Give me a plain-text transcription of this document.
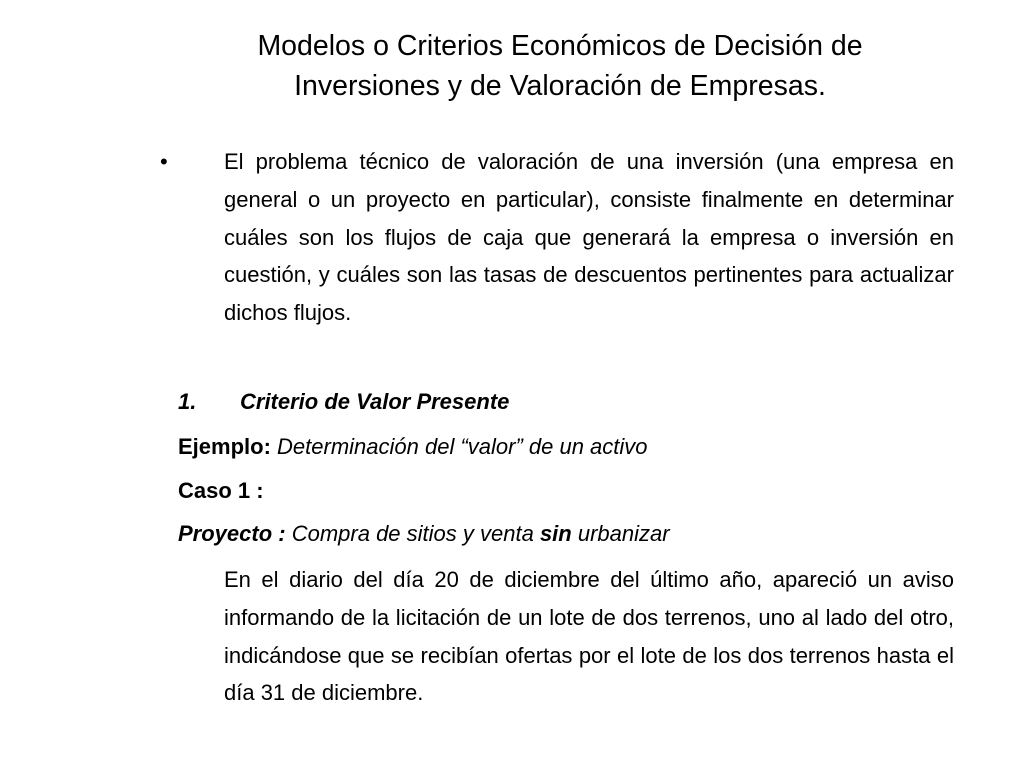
Modelos o Criterios Económicos de Decisión de
Inversiones y de Valoración de Empresas.
•	El problema técnico de valoración de una inversión (una empresa en general o un proyecto en particular), consiste finalmente en determinar cuáles son los flujos de caja que generará la empresa o inversión en cuestión, y cuáles son las tasas de descuentos pertinentes para actualizar dichos flujos.

1. Criterio de Valor Presente
Ejemplo: Determinación del “valor” de un activo
Caso 1 :
Proyecto : Compra de sitios y venta sin urbanizar

En el diario del día 20 de diciembre del último año, apareció un aviso informando de la licitación de un lote de dos terrenos, uno al lado del otro, indicándose que se recibían ofertas por el lote de los dos terrenos hasta el día 31 de diciembre.
